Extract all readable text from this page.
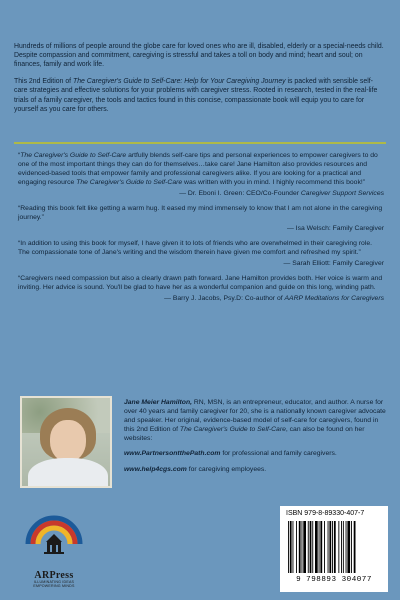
Hundreds of millions of people around the globe care for loved ones who are ill, disabled, elderly or a special-needs child. Despite compassion and commitment, caregiving is stressful and takes a toll on body and mind; heart and soul; on finances, family and work life.

This 2nd Edition of The Caregiver's Guide to Self-Care: Help for Your Caregiving Journey is packed with sensible self-care strategies and effective solutions for your problems with caregiver stress. Rooted in research, tested in the real-life trials of a family caregiver, the tools and tactics found in this concise, compassionate book will equip you to care for yourself as you care for others.

“The Caregiver's Guide to Self-Care artfully blends self-care tips and personal experiences to empower caregivers to do one of the most important things they can do for themselves…take care! Jane Hamilton also provides resources and evidenced-based tools that empower family and professional caregivers alike. If you are looking for a practical and engaging resource The Caregiver's Guide to Self-Care was written with you in mind. I highly recommend this book!”

— Dr. Eboni I. Green: CEO/Co-Founder Caregiver Support Services

“Reading this book felt like getting a warm hug. It eased my mind immensely to know that I am not alone in the caregiving journey.”

— Isa Welsch: Family Caregiver

“In addition to using this book for myself, I have given it to lots of friends who are overwhelmed in their caregiving role. The compassionate tone of Jane's writing and the wisdom therein have given me comfort and refreshed my spirit.”

— Sarah Elliott: Family Caregiver

“Caregivers need compassion but also a clearly drawn path forward. Jane Hamilton provides both. Her voice is warm and inviting. Her advice is sound. You'll be glad to have her as a wonderful companion and guide on this long, winding path.

— Barry J. Jacobs, Psy.D: Co-author of AARP Meditations for Caregivers

Jane Meier Hamilton, RN, MSN, is an entrepreneur, educator, and author. A nurse for over 40 years and family caregiver for 20, she is a nationally known caregiver advocate and speaker. Her original, evidence-based model of self-care for caregivers, found in this 2nd Edition of The Caregiver's Guide to Self-Care, can also be found on her websites:

www.PartnersontthePath.com for professional and family caregivers.

www.help4cgs.com for caregiving employees.

ARPress
ILLUMINATING IDEAS
EMPOWERING MINDS
ISBN 979-8-89330-407-7
9 798893 304077
